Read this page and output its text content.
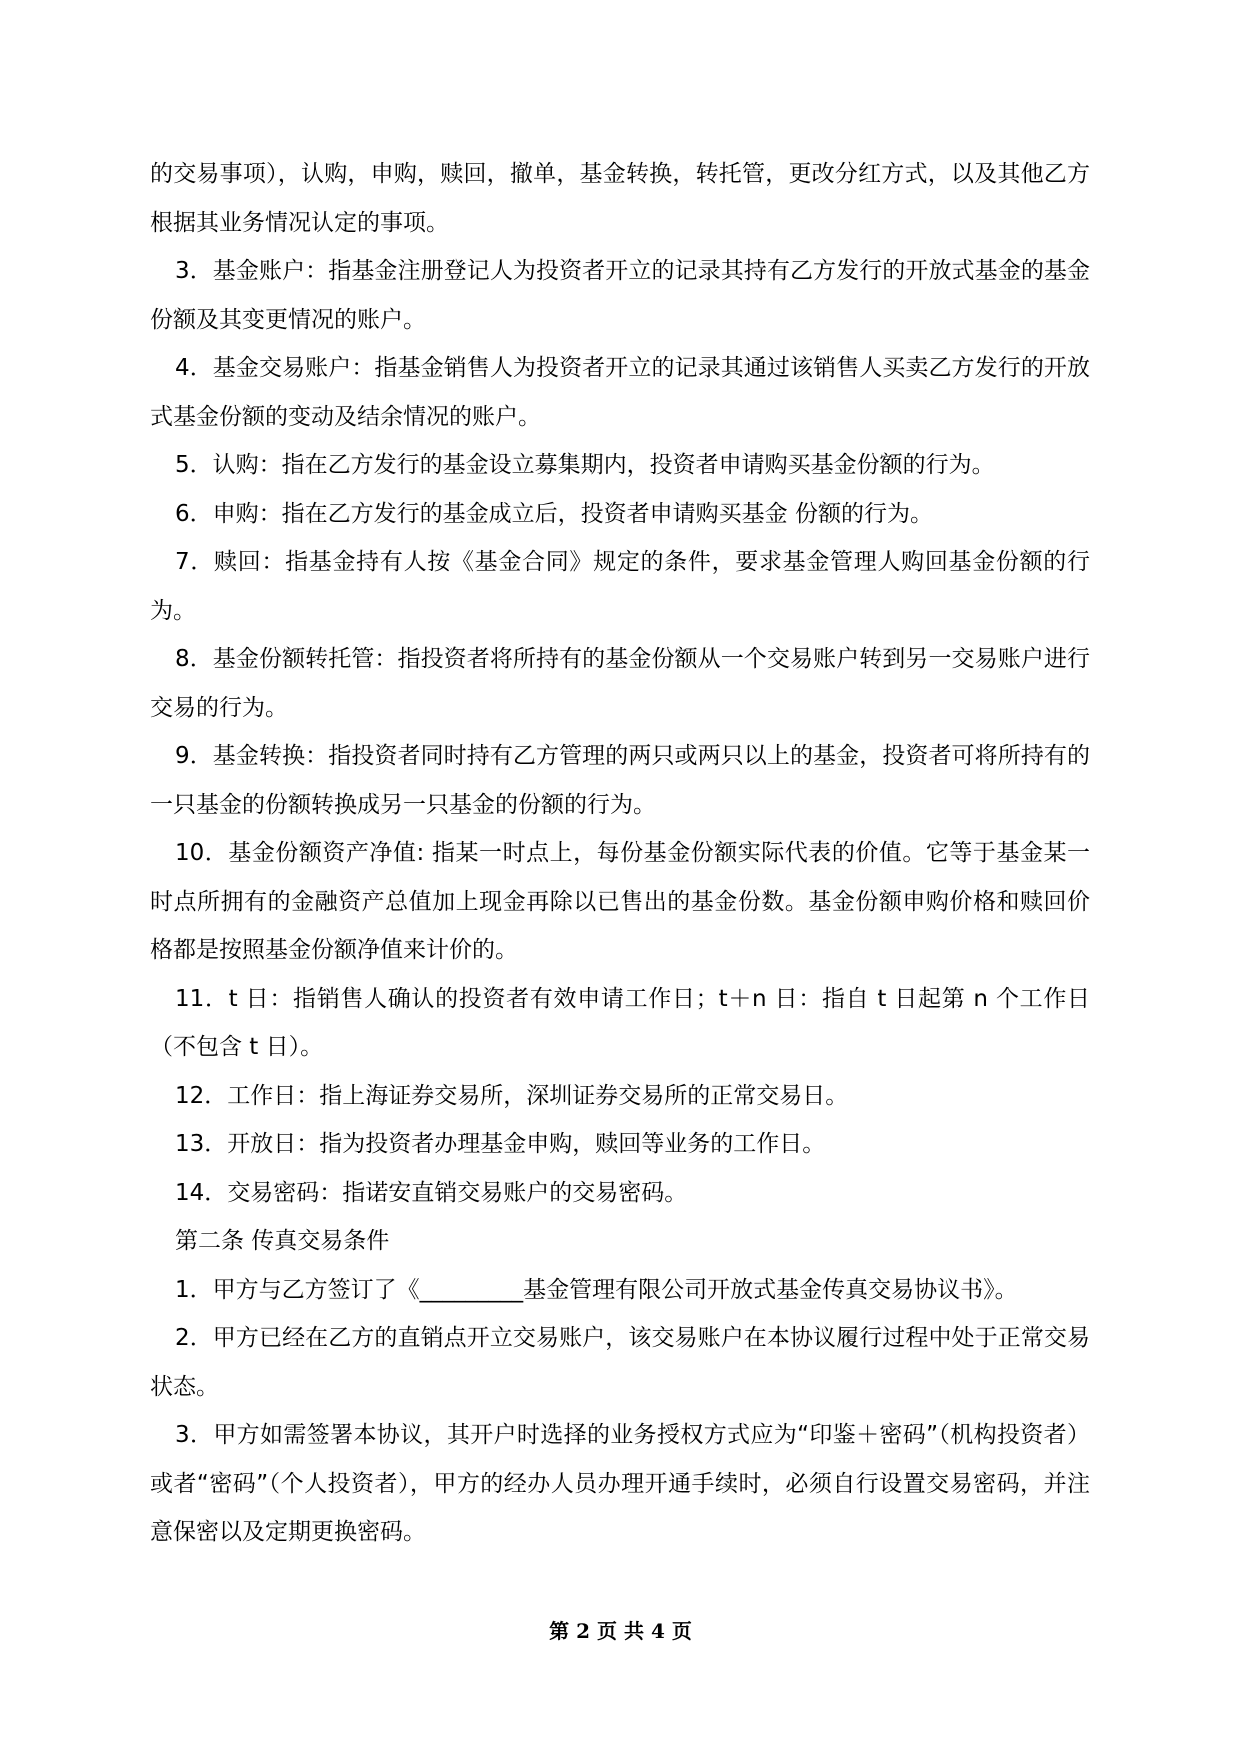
的交易事项），认购，申购，赎回，撤单，基金转换，转托管，更改分红方式，以及其他乙方根据其业务情况认定的事项。

3．基金账户：指基金注册登记人为投资者开立的记录其持有乙方发行的开放式基金的基金份额及其变更情况的账户。

4．基金交易账户：指基金销售人为投资者开立的记录其通过该销售人买卖乙方发行的开放式基金份额的变动及结余情况的账户。

5．认购：指在乙方发行的基金设立募集期内，投资者申请购买基金份额的行为。

6．申购：指在乙方发行的基金成立后，投资者申请购买基金 份额的行为。

7．赎回：指基金持有人按《基金合同》规定的条件，要求基金管理人购回基金份额的行为。

8．基金份额转托管：指投资者将所持有的基金份额从一个交易账户转到另一交易账户进行交易的行为。

9．基金转换：指投资者同时持有乙方管理的两只或两只以上的基金，投资者可将所持有的一只基金的份额转换成另一只基金的份额的行为。

10．基金份额资产净值: 指某一时点上，每份基金份额实际代表的价值。它等于基金某一时点所拥有的金融资产总值加上现金再除以已售出的基金份数。基金份额申购价格和赎回价格都是按照基金份额净值来计价的。

11．t 日：指销售人确认的投资者有效申请工作日；t＋n 日：指自 t 日起第 n 个工作日（不包含 t 日）。

12．工作日：指上海证券交易所，深圳证券交易所的正常交易日。

13．开放日：指为投资者办理基金申购，赎回等业务的工作日。

14．交易密码：指诺安直销交易账户的交易密码。

第二条 传真交易条件

1．甲方与乙方签订了《_________基金管理有限公司开放式基金传真交易协议书》。

2．甲方已经在乙方的直销点开立交易账户，该交易账户在本协议履行过程中处于正常交易状态。

3．甲方如需签署本协议，其开户时选择的业务授权方式应为“印鉴＋密码”（机构投资者）或者“密码”（个人投资者），甲方的经办人员办理开通手续时，必须自行设置交易密码，并注意保密以及定期更换密码。

第 2 页 共 4 页
